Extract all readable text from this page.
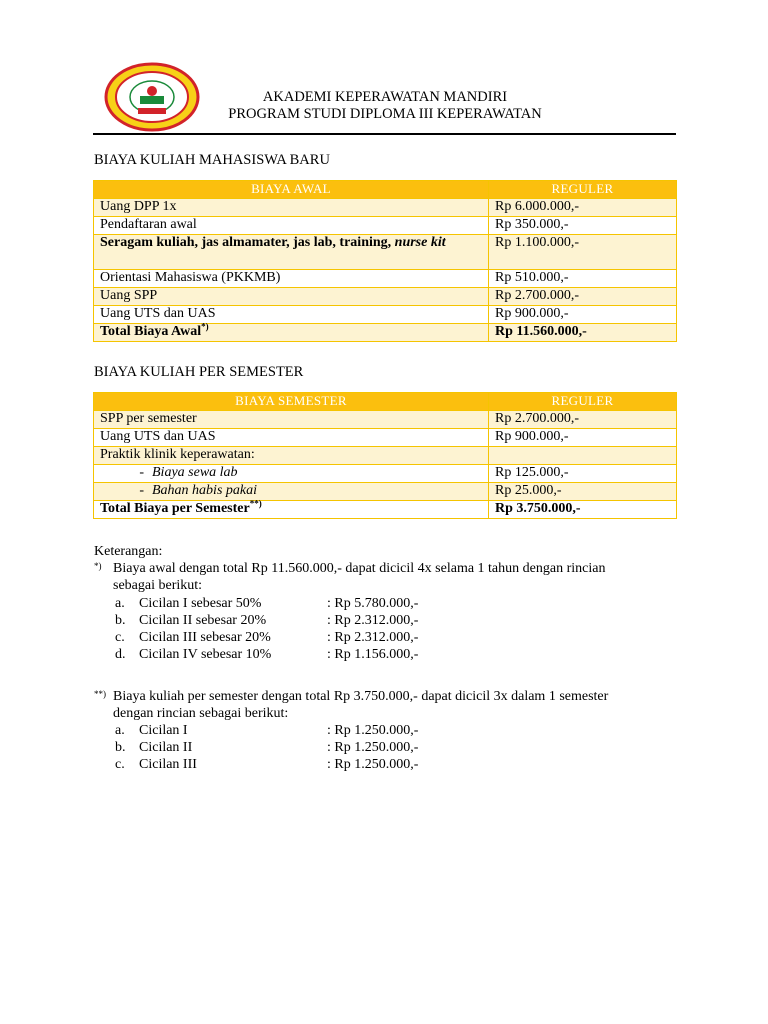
AKADEMI KEPERAWATAN MANDIRI
PROGRAM STUDI DIPLOMA III KEPERAWATAN
BIAYA KULIAH MAHASISWA BARU
BIAYA AWAL	REGULER
Uang DPP 1x	Rp 6.000.000,-
Pendaftaran awal	Rp 350.000,-
Seragam kuliah, jas almamater, jas lab, training, nurse kit	Rp 1.100.000,-
Orientasi Mahasiswa (PKKMB)	Rp 510.000,-
Uang SPP	Rp 2.700.000,-
Uang UTS dan UAS	Rp 900.000,-
Total Biaya Awal*)	Rp 11.560.000,-
BIAYA KULIAH PER SEMESTER
BIAYA SEMESTER	REGULER
SPP per semester	Rp 2.700.000,-
Uang UTS dan UAS	Rp 900.000,-
Praktik klinik keperawatan:	
- Biaya sewa lab	Rp 125.000,-
- Bahan habis pakai	Rp 25.000,-
Total Biaya per Semester**)	Rp 3.750.000,-
Keterangan:
*) Biaya awal dengan total Rp 11.560.000,- dapat dicicil 4x selama 1 tahun dengan rincian
sebagai berikut:
a. Cicilan I sebesar 50%	: Rp 5.780.000,-
b. Cicilan II sebesar 20%	: Rp 2.312.000,-
c. Cicilan III sebesar 20%	: Rp 2.312.000,-
d. Cicilan IV sebesar 10%	: Rp 1.156.000,-
**) Biaya kuliah per semester dengan total Rp 3.750.000,- dapat dicicil 3x dalam 1 semester
dengan rincian sebagai berikut:
a. Cicilan I	: Rp 1.250.000,-
b. Cicilan II	: Rp 1.250.000,-
c. Cicilan III	: Rp 1.250.000,-
